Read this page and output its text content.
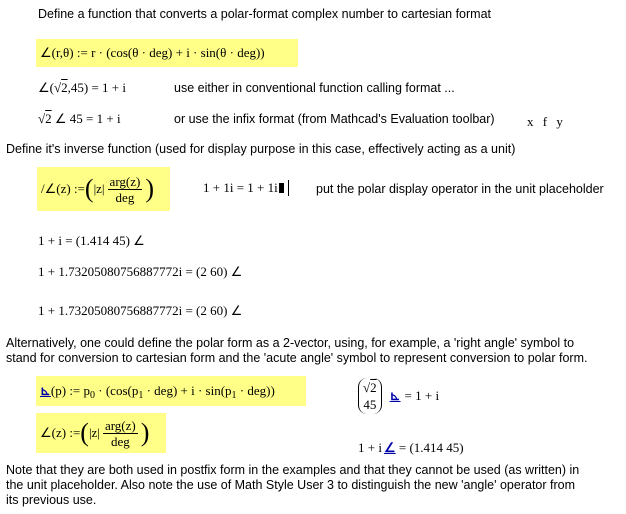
Define a function that converts a polar-format complex number to cartesian format
∠(r,θ) := r · (cos(θ · deg) + i · sin(θ · deg))
∠(√2,45) = 1 + i	use either in conventional function calling format ...
√2 ∠ 45 = 1 + i	or use the infix format (from Mathcad's Evaluation toolbar) x f y
Define it's inverse function (used for display purpose in this case, effectively acting as a unit)
/∠(z) := ( $|z| \frac{\text{arg(z)}}{\text{deg}}$ )	1 + 1i = 1 + 1i	put the polar display operator in the unit placeholder
1 + i = (1.414 45) ∠
1 + 1.73205080756887772i = (2 60) ∠
1 + 1.73205080756887772i = (2 60) ∠
Alternatively, one could define the polar form as a 2-vector, using, for example, a 'right angle' symbol to
stand for conversion to cartesian form and the 'acute angle' symbol to represent conversion to polar form.
⊾(p) := $p_0 \cdot (\cos(p_1 \cdot deg) + i \cdot \sin(p_1 \cdot deg))$
∠(z) := ( $|z| \frac{\text{arg(z)}}{\text{deg}}$ )
√2
45
⊾ = 1 + i
1 + i ∠ = (1.414 45)
Note that they are both used in postfix form in the examples and that they cannot be used (as written) in
the unit placeholder. Also note the use of Math Style User 3 to distinguish the new 'angle' operator from
its previous use.
